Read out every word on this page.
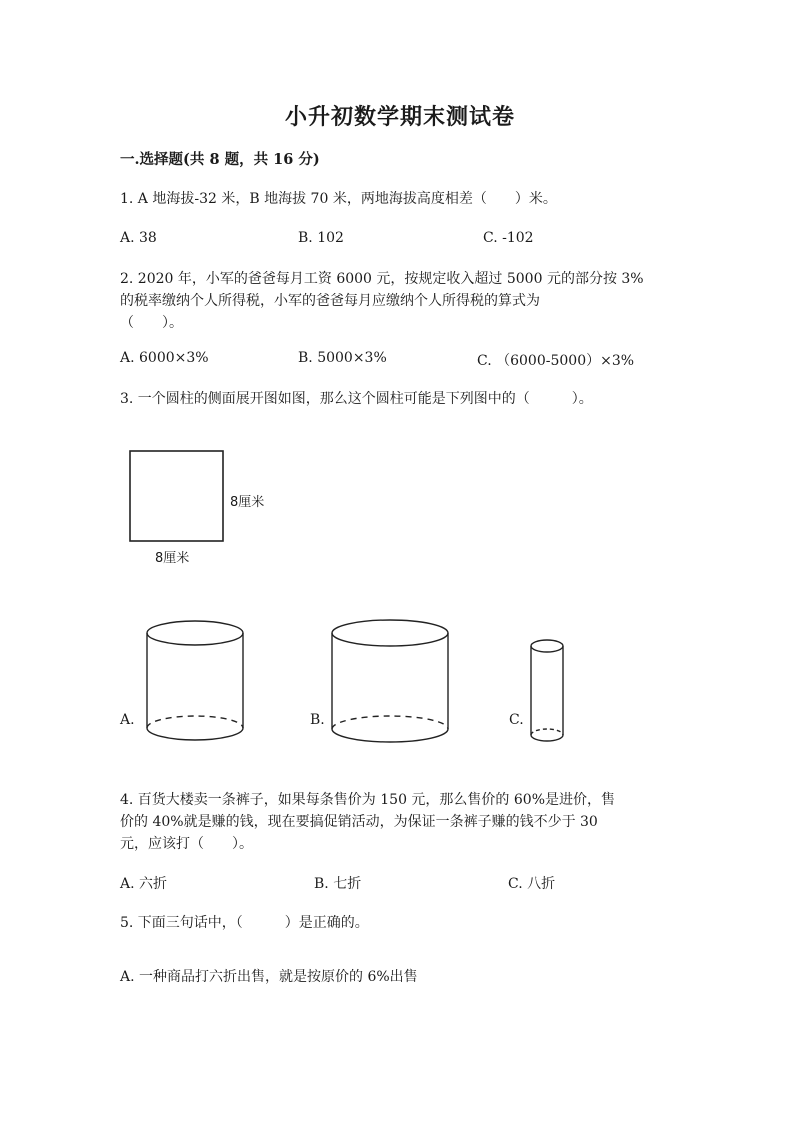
小升初数学期末测试卷
一.选择题(共 8 题，共 16 分)
1. A 地海拔-32 米，B 地海拔 70 米，两地海拔高度相差（　　）米。
A. 38	B. 102	C. -102
2. 2020 年，小军的爸爸每月工资 6000 元，按规定收入超过 5000 元的部分按 3%
的税率缴纳个人所得税，小军的爸爸每月应缴纳个人所得税的算式为
（　　）。
A. 6000×3%	B. 5000×3%	C. （6000-5000）×3%
3. 一个圆柱的侧面展开图如图，那么这个圆柱可能是下列图中的（　　　）。
8厘米
8厘米
A.	B.	C.
4. 百货大楼卖一条裤子，如果每条售价为 150 元，那么售价的 60%是进价，售
价的 40%就是赚的钱，现在要搞促销活动，为保证一条裤子赚的钱不少于 30
元，应该打（　　）。
A. 六折	B. 七折	C. 八折
5. 下面三句话中，（　　　）是正确的。
A. 一种商品打六折出售，就是按原价的 6%出售
